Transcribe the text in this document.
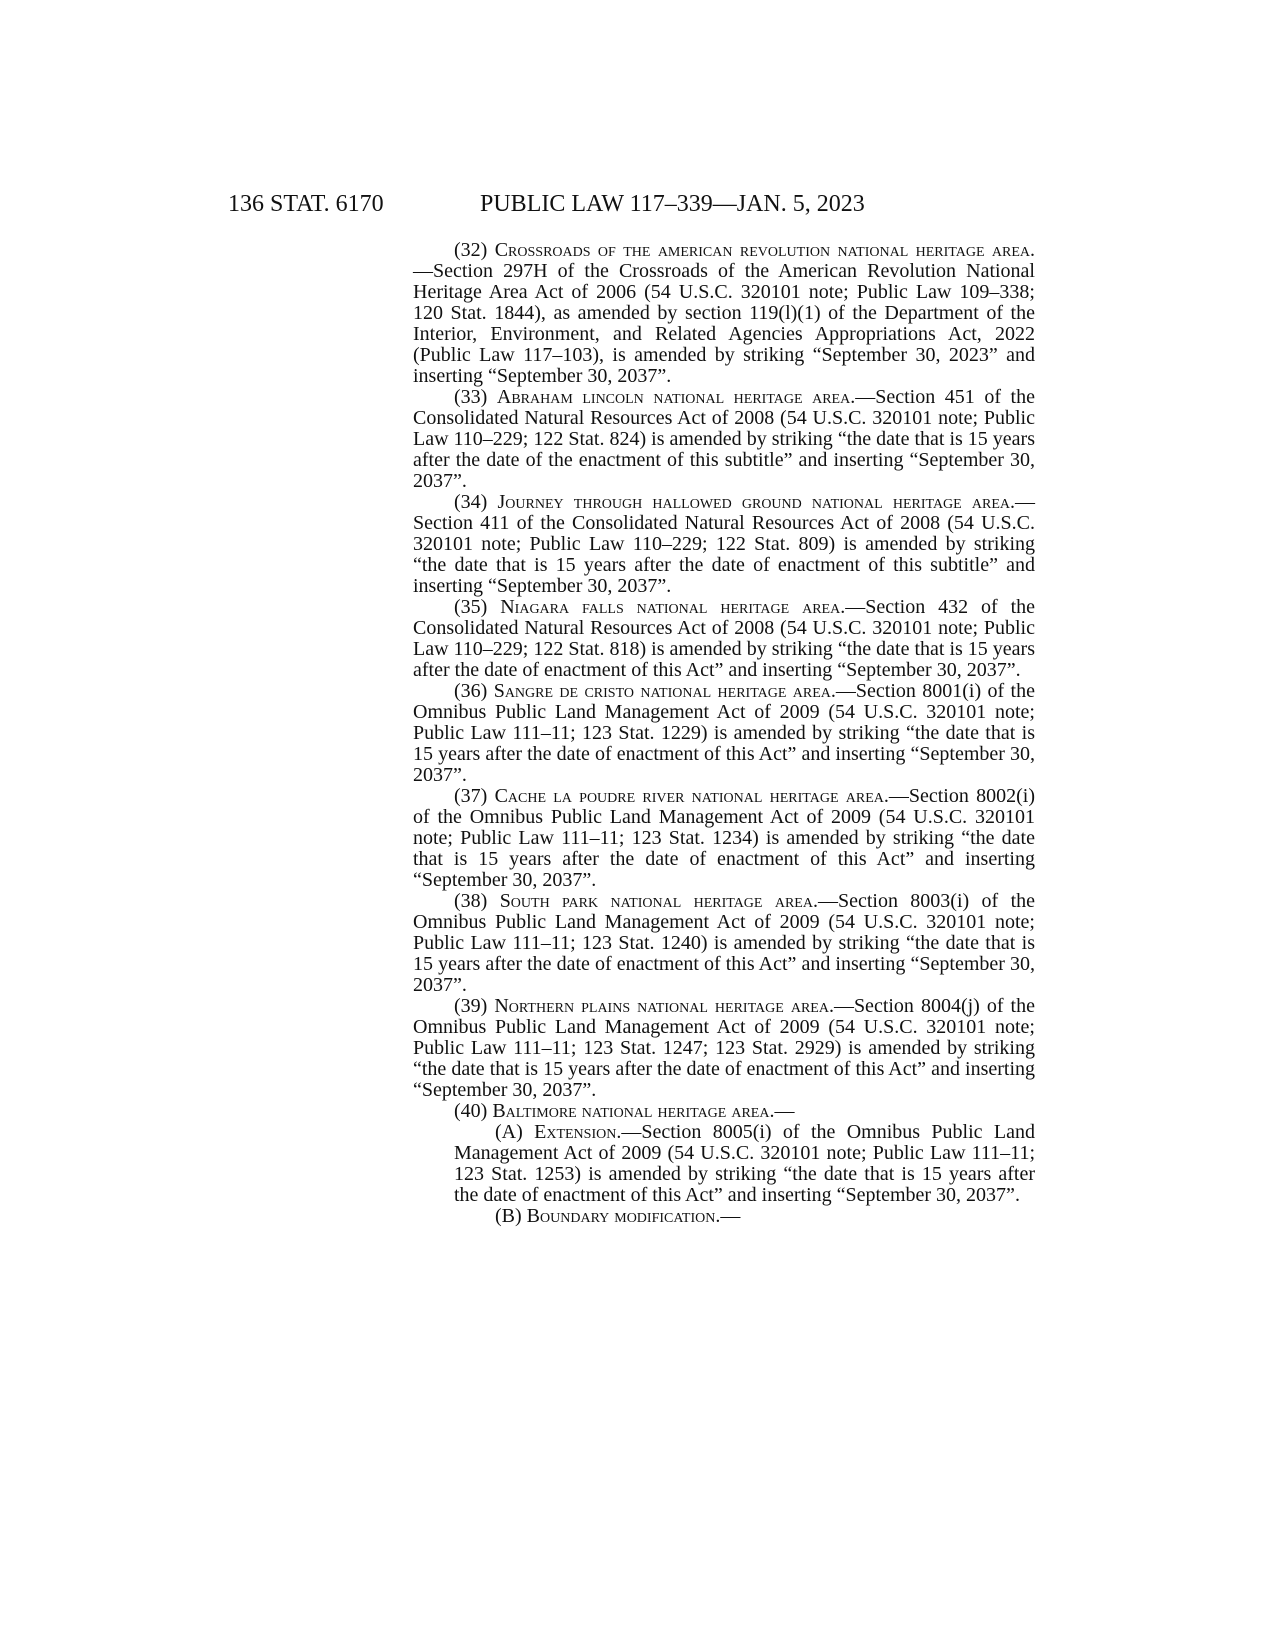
136 STAT. 6170	PUBLIC LAW 117–339—JAN. 5, 2023

(32) Crossroads of the american revolution national heritage area.—Section 297H of the Crossroads of the American Revolution National Heritage Area Act of 2006 (54 U.S.C. 320101 note; Public Law 109–338; 120 Stat. 1844), as amended by section 119(l)(1) of the Department of the Interior, Environment, and Related Agencies Appropriations Act, 2022 (Public Law 117–103), is amended by striking “September 30, 2023” and inserting “September 30, 2037”.

(33) Abraham lincoln national heritage area.—Section 451 of the Consolidated Natural Resources Act of 2008 (54 U.S.C. 320101 note; Public Law 110–229; 122 Stat. 824) is amended by striking “the date that is 15 years after the date of the enactment of this subtitle” and inserting “September 30, 2037”.

(34) Journey through hallowed ground national heritage area.—Section 411 of the Consolidated Natural Resources Act of 2008 (54 U.S.C. 320101 note; Public Law 110–229; 122 Stat. 809) is amended by striking “the date that is 15 years after the date of enactment of this subtitle” and inserting “September 30, 2037”.

(35) Niagara falls national heritage area.—Section 432 of the Consolidated Natural Resources Act of 2008 (54 U.S.C. 320101 note; Public Law 110–229; 122 Stat. 818) is amended by striking “the date that is 15 years after the date of enactment of this Act” and inserting “September 30, 2037”.

(36) Sangre de cristo national heritage area.—Section 8001(i) of the Omnibus Public Land Management Act of 2009 (54 U.S.C. 320101 note; Public Law 111–11; 123 Stat. 1229) is amended by striking “the date that is 15 years after the date of enactment of this Act” and inserting “September 30, 2037”.

(37) Cache la poudre river national heritage area.—Section 8002(i) of the Omnibus Public Land Management Act of 2009 (54 U.S.C. 320101 note; Public Law 111–11; 123 Stat. 1234) is amended by striking “the date that is 15 years after the date of enactment of this Act” and inserting “September 30, 2037”.

(38) South park national heritage area.—Section 8003(i) of the Omnibus Public Land Management Act of 2009 (54 U.S.C. 320101 note; Public Law 111–11; 123 Stat. 1240) is amended by striking “the date that is 15 years after the date of enactment of this Act” and inserting “September 30, 2037”.

(39) Northern plains national heritage area.—Section 8004(j) of the Omnibus Public Land Management Act of 2009 (54 U.S.C. 320101 note; Public Law 111–11; 123 Stat. 1247; 123 Stat. 2929) is amended by striking “the date that is 15 years after the date of enactment of this Act” and inserting “September 30, 2037”.

(40) Baltimore national heritage area.—

(A) Extension.—Section 8005(i) of the Omnibus Public Land Management Act of 2009 (54 U.S.C. 320101 note; Public Law 111–11; 123 Stat. 1253) is amended by striking “the date that is 15 years after the date of enactment of this Act” and inserting “September 30, 2037”.

(B) Boundary modification.—
